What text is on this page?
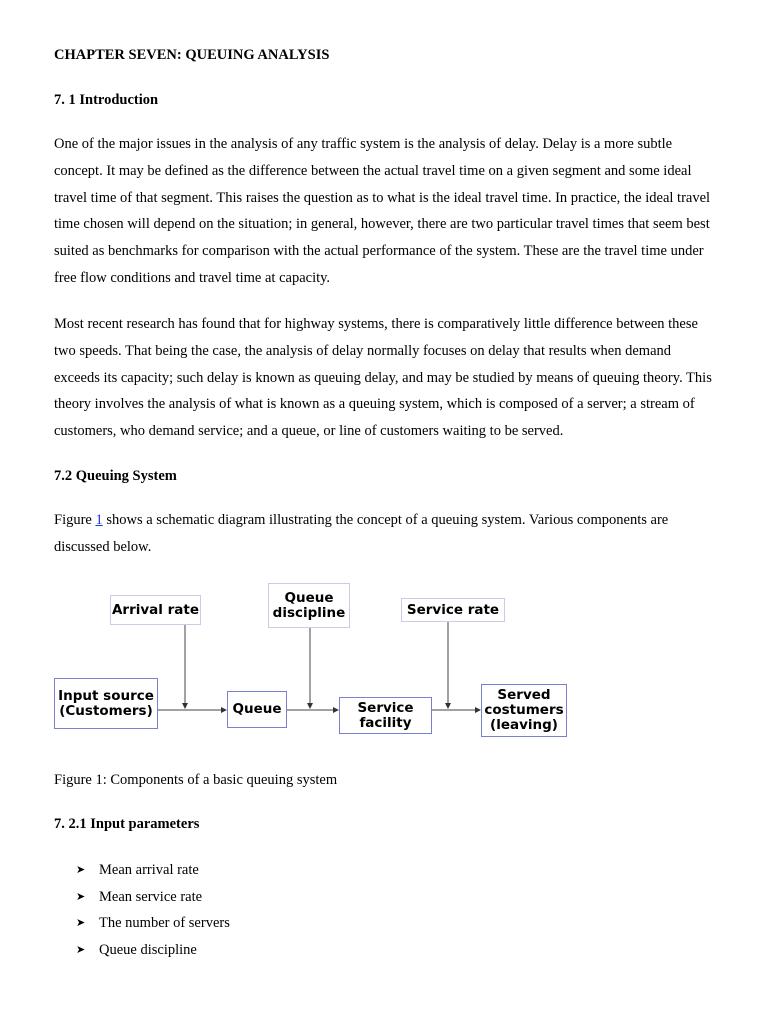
CHAPTER SEVEN: QUEUING ANALYSIS

7. 1 Introduction

One of the major issues in the analysis of any traffic system is the analysis of delay. Delay is a more subtle concept. It may be defined as the difference between the actual travel time on a given segment and some ideal travel time of that segment. This raises the question as to what is the ideal travel time. In practice, the ideal travel time chosen will depend on the situation; in general, however, there are two particular travel times that seem best suited as benchmarks for comparison with the actual performance of the system. These are the travel time under free flow conditions and travel time at capacity.

Most recent research has found that for highway systems, there is comparatively little difference between these two speeds. That being the case, the analysis of delay normally focuses on delay that results when demand exceeds its capacity; such delay is known as queuing delay, and may be studied by means of queuing theory. This theory involves the analysis of what is known as a queuing system, which is composed of a server; a stream of customers, who demand service; and a queue, or line of customers waiting to be served.

7.2 Queuing System

Figure 1 shows a schematic diagram illustrating the concept of a queuing system. Various components are discussed below.

Arrival rate
Queue
discipline	Service rate
Input source
(Customers)	Queue	Service
facility
Served
costumers
(leaving)

Figure 1: Components of a basic queuing system

7. 2.1 Input parameters

➤ Mean arrival rate
➤ Mean service rate
➤ The number of servers
➤ Queue discipline
